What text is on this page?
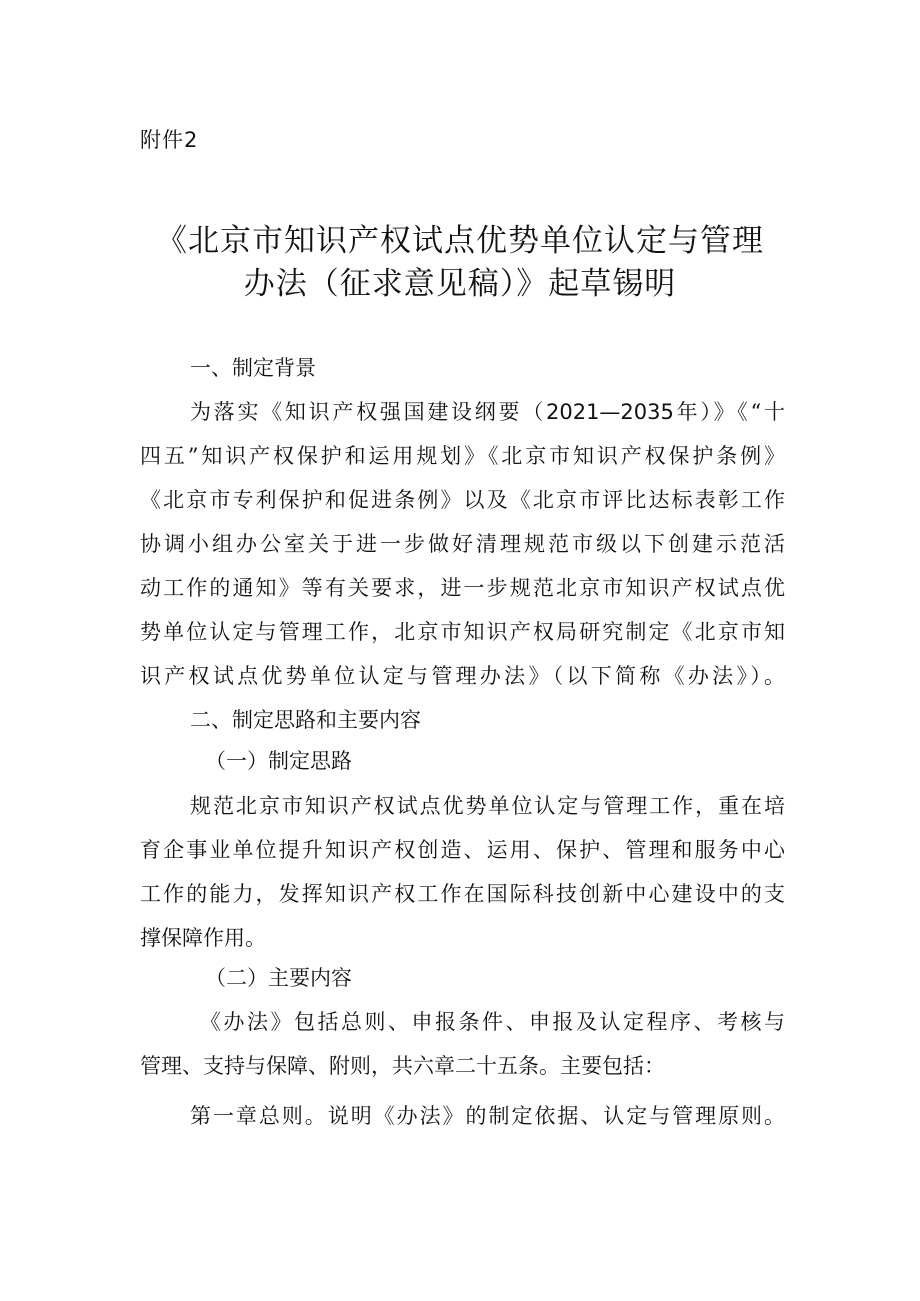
附件2
《北京市知识产权试点优势单位认定与管理
办法（征求意见稿）》起草锡明
一、制定背景
为落实《知识产权强国建设纲要（2021—2035年）》《“十
四五”知识产权保护和运用规划》《北京市知识产权保护条例》
《北京市专利保护和促进条例》以及《北京市评比达标表彰工作
协调小组办公室关于进一步做好清理规范市级以下创建示范活
动工作的通知》等有关要求，进一步规范北京市知识产权试点优
势单位认定与管理工作，北京市知识产权局研究制定《北京市知
识产权试点优势单位认定与管理办法》（以下简称《办法》）。
二、制定思路和主要内容
（一）制定思路
规范北京市知识产权试点优势单位认定与管理工作，重在培
育企事业单位提升知识产权创造、运用、保护、管理和服务中心
工作的能力，发挥知识产权工作在国际科技创新中心建设中的支
撑保障作用。
（二）主要内容
《办法》包括总则、申报条件、申报及认定程序、考核与
管理、支持与保障、附则，共六章二十五条。主要包括：
第一章总则。说明《办法》的制定依据、认定与管理原则。
